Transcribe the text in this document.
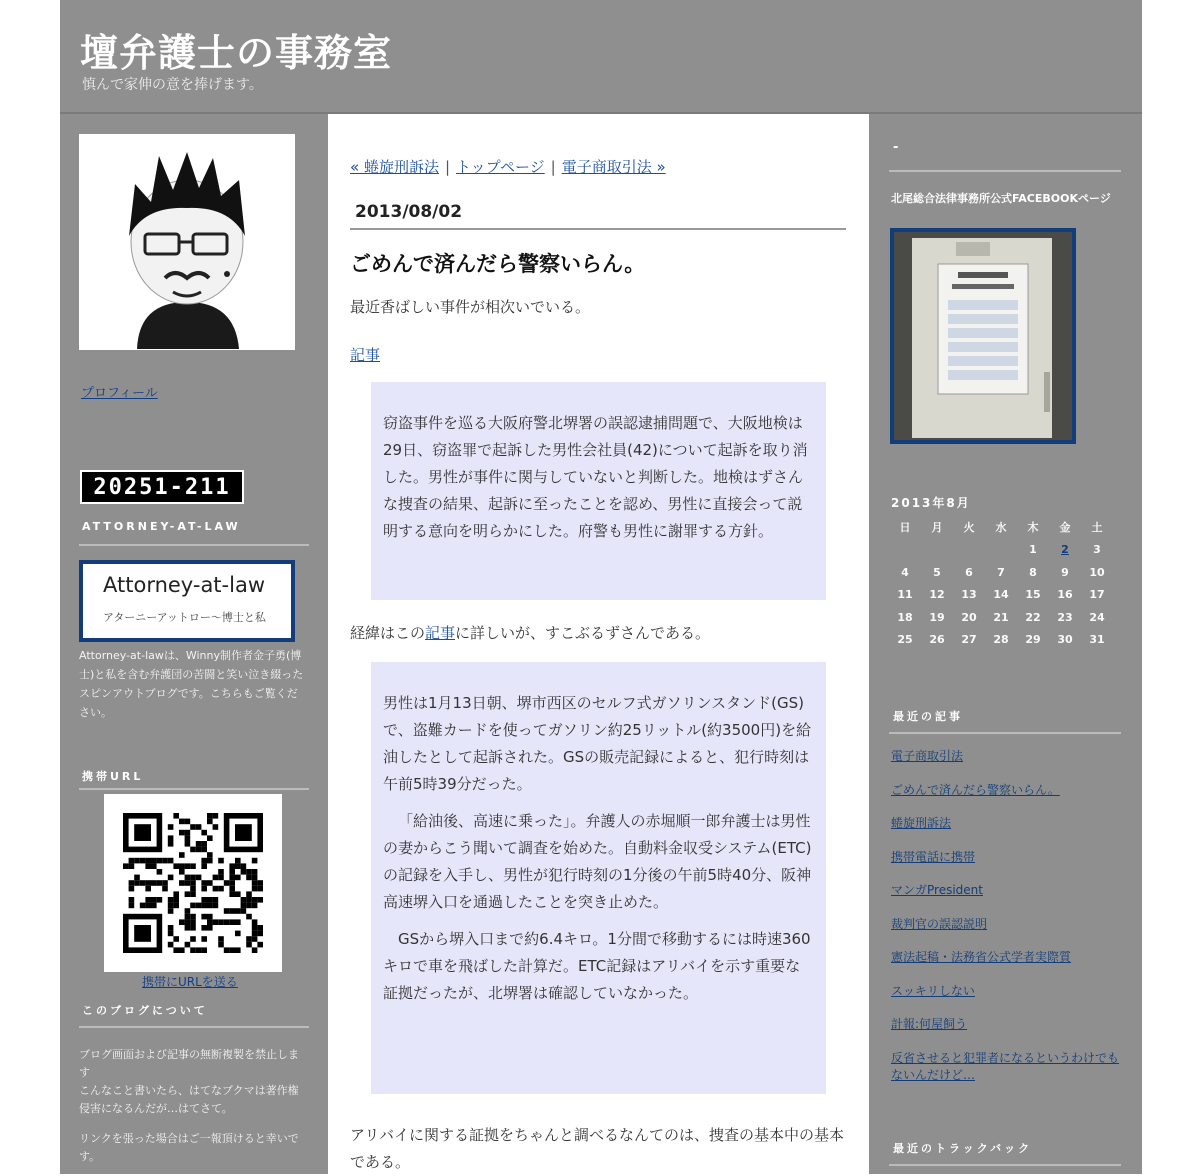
壇弁護士の事務室
慎んで家伸の意を捧げます。
プロフィール
20251-211
ATTORNEY-AT-LAW
Attorney-at-law
アターニーアットロー〜博士と私
Attorney-at-lawは、Winny制作者金子勇(博士)と私を含む弁護団の苦闘と笑い泣き綴ったスピンアウトブログです。こちらもご覧ください。
携帯URL
携帯にURLを送る
このブログについて
ブログ画面および記事の無断複製を禁止します
こんなこと書いたら、はてなブクマは著作権侵害になるんだが…はてさて。
リンクを張った場合はご一報頂けると幸いです。
« 蜷旋刑訴法 | トップページ | 電子商取引法 »
2013/08/02
ごめんで済んだら警察いらん。

最近香ばしい事件が相次いでいる。

記事

窃盗事件を巡る大阪府警北堺署の誤認逮捕問題で、大阪地検は29日、窃盗罪で起訴した男性会社員(42)について起訴を取り消した。男性が事件に関与していないと判断した。地検はずさんな捜査の結果、起訴に至ったことを認め、男性に直接会って説明する意向を明らかにした。府警も男性に謝罪する方針。

経緯はこの記事に詳しいが、すこぶるずさんである。

男性は1月13日朝、堺市西区のセルフ式ガソリンスタンド(GS)で、盗難カードを使ってガソリン約25リットル(約3500円)を給油したとして起訴された。GSの販売記録によると、犯行時刻は午前5時39分だった。

「給油後、高速に乗った」。弁護人の赤堀順一郎弁護士は男性の妻からこう聞いて調査を始めた。自動料金収受システム(ETC)の記録を入手し、男性が犯行時刻の1分後の午前5時40分、阪神高速堺入口を通過したことを突き止めた。

GSから堺入口まで約6.4キロ。1分間で移動するには時速360キロで車を飛ばした計算だ。ETC記録はアリバイを示す重要な証拠だったが、北堺署は確認していなかった。

アリバイに関する証拠をちゃんと調べるなんてのは、捜査の基本中の基本である。

-
北尾総合法律事務所公式FACEBOOKページ
2013年8月
日	月	火	水	木	金	土
				1	2	3
4	5	6	7	8	9	10
11	12	13	14	15	16	17
18	19	20	21	22	23	24
25	26	27	28	29	30	31
最近の記事
電子商取引法
ごめんで済んだら警察いらん。
蜷旋刑訴法
携帯電話に携帯
マンガPresident
裁判官の誤認説明
憲法起稿・法務省公式学者実際質
スッキリしない
計報:何屋飼う
反省させると犯罪者になるというわけでもないんだけど…
最近のトラックバック
